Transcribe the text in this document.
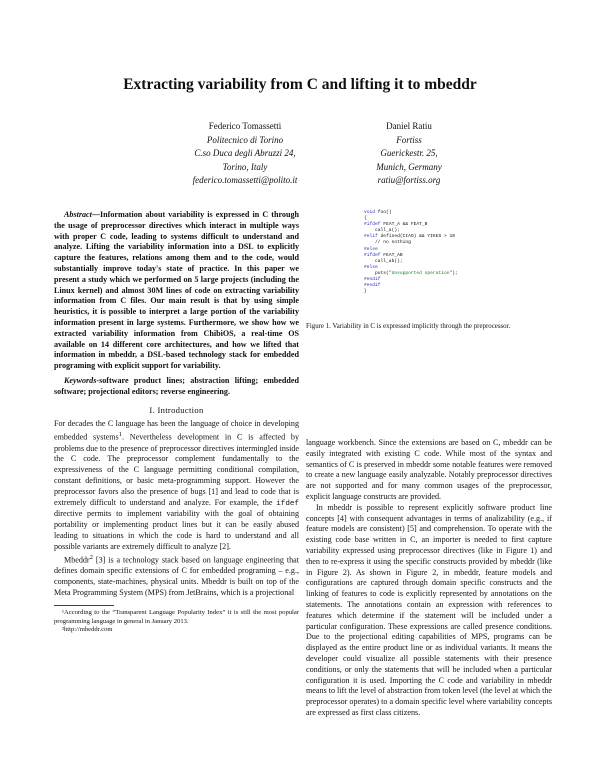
Extracting variability from C and lifting it to mbeddr
Federico Tomassetti
Politecnico di Torino
C.so Duca degli Abruzzi 24,
Torino, Italy
federico.tomassetti@polito.it
Daniel Ratiu
Fortiss
Guerickestr. 25,
Munich, Germany
ratiu@fortiss.org

Abstract—Information about variability is expressed in C through the usage of preprocessor directives which interact in multiple ways with proper C code, leading to systems difficult to understand and analyze. Lifting the variability information into a DSL to explicitly capture the features, relations among them and to the code, would substantially improve today's state of practice. In this paper we present a study which we performed on 5 large projects (including the Linux kernel) and almost 30M lines of code on extracting variability information from C files. Our main result is that by using simple heuristics, it is possible to interpret a large portion of the variability information present in large systems. Furthermore, we show how we extracted variability information from ChibiOS, a real-time OS available on 14 different core architectures, and how we lifted that information in mbeddr, a DSL-based technology stack for embedded programing with explicit support for variability.

Keywords-software product lines; abstraction lifting; embedded software; projectional editors; reverse engineering.

I. Introduction

For decades the C language has been the language of choice in developing embedded systems$^1$. Nevertheless development in C is affected by problems due to the presence of preprocessor directives intermingled inside the C code. The preprocessor complement fundamentally to the expressiveness of the C language permitting conditional compilation, constant definitions, or basic meta-programming support. However the preprocessor favors also the presence of bugs [1] and lead to code that is extremely difficult to understand and analyze. For example, the ifdef directive permits to implement variability with the goal of obtaining portability or implementing product lines but it can be easily abused leading to situations in which the code is hard to understand and all possible variants are extremely difficult to analyze [2].

Mbeddr$^2$ [3] is a technology stack based on language engineering that defines domain specific extensions of C for embedded programing – e.g., components, state-machines, physical units. Mbeddr is built on top of the Meta Programming System (MPS) from JetBrains, which is a projectional

¹According to the “Transparent Language Popularity Index” it is still the most popular programming language in general in January 2013.

²http://mbeddr.com

void foo()
{
#ifdef FEAT_A && FEAT_B
call_a();
#elif defined(CIAO) && YIKES > 10
// no nothing
#else
#ifdef FEAT_AB
call_ab();
#else
puts("Unsupported operation");
#endif
#endif
}
Figure 1. Variability in C is expressed implicitly through the preprocessor.

language workbench. Since the extensions are based on C, mbeddr can be easily integrated with existing C code. While most of the syntax and semantics of C is preserved in mbeddr some notable features were removed to create a new language easily analyzable. Notably preprocessor directives are not supported and for many common usages of the preprocessor, explicit language constructs are provided.

In mbeddr is possible to represent explicitly software product line concepts [4] with consequent advantages in terms of analizability (e.g., if feature models are consistent) [5] and comprehension. To operate with the existing code base written in C, an importer is needed to first capture variability expressed using preprocessor directives (like in Figure 1) and then to re-express it using the specific constructs provided by mbeddr (like in Figure 2). As shown in Figure 2, in mbeddr, feature models and configurations are captured through domain specific constructs and the linking of features to code is explicitly represented by annotations on the statements. The annotations contain an expression with references to features which determine if the statement will be included under a particular configuration. These expressions are called presence conditions. Due to the projectional editing capabilities of MPS, programs can be displayed as the entire product line or as individual variants. It means the developer could visualize all possible statements with their presence conditions, or only the statements that will be included when a particular configuration it is used. Importing the C code and variability in mbeddr means to lift the level of abstraction from token level (the level at which the preprocessor operates) to a domain specific level where variability concepts are expressed as first class citizens.
